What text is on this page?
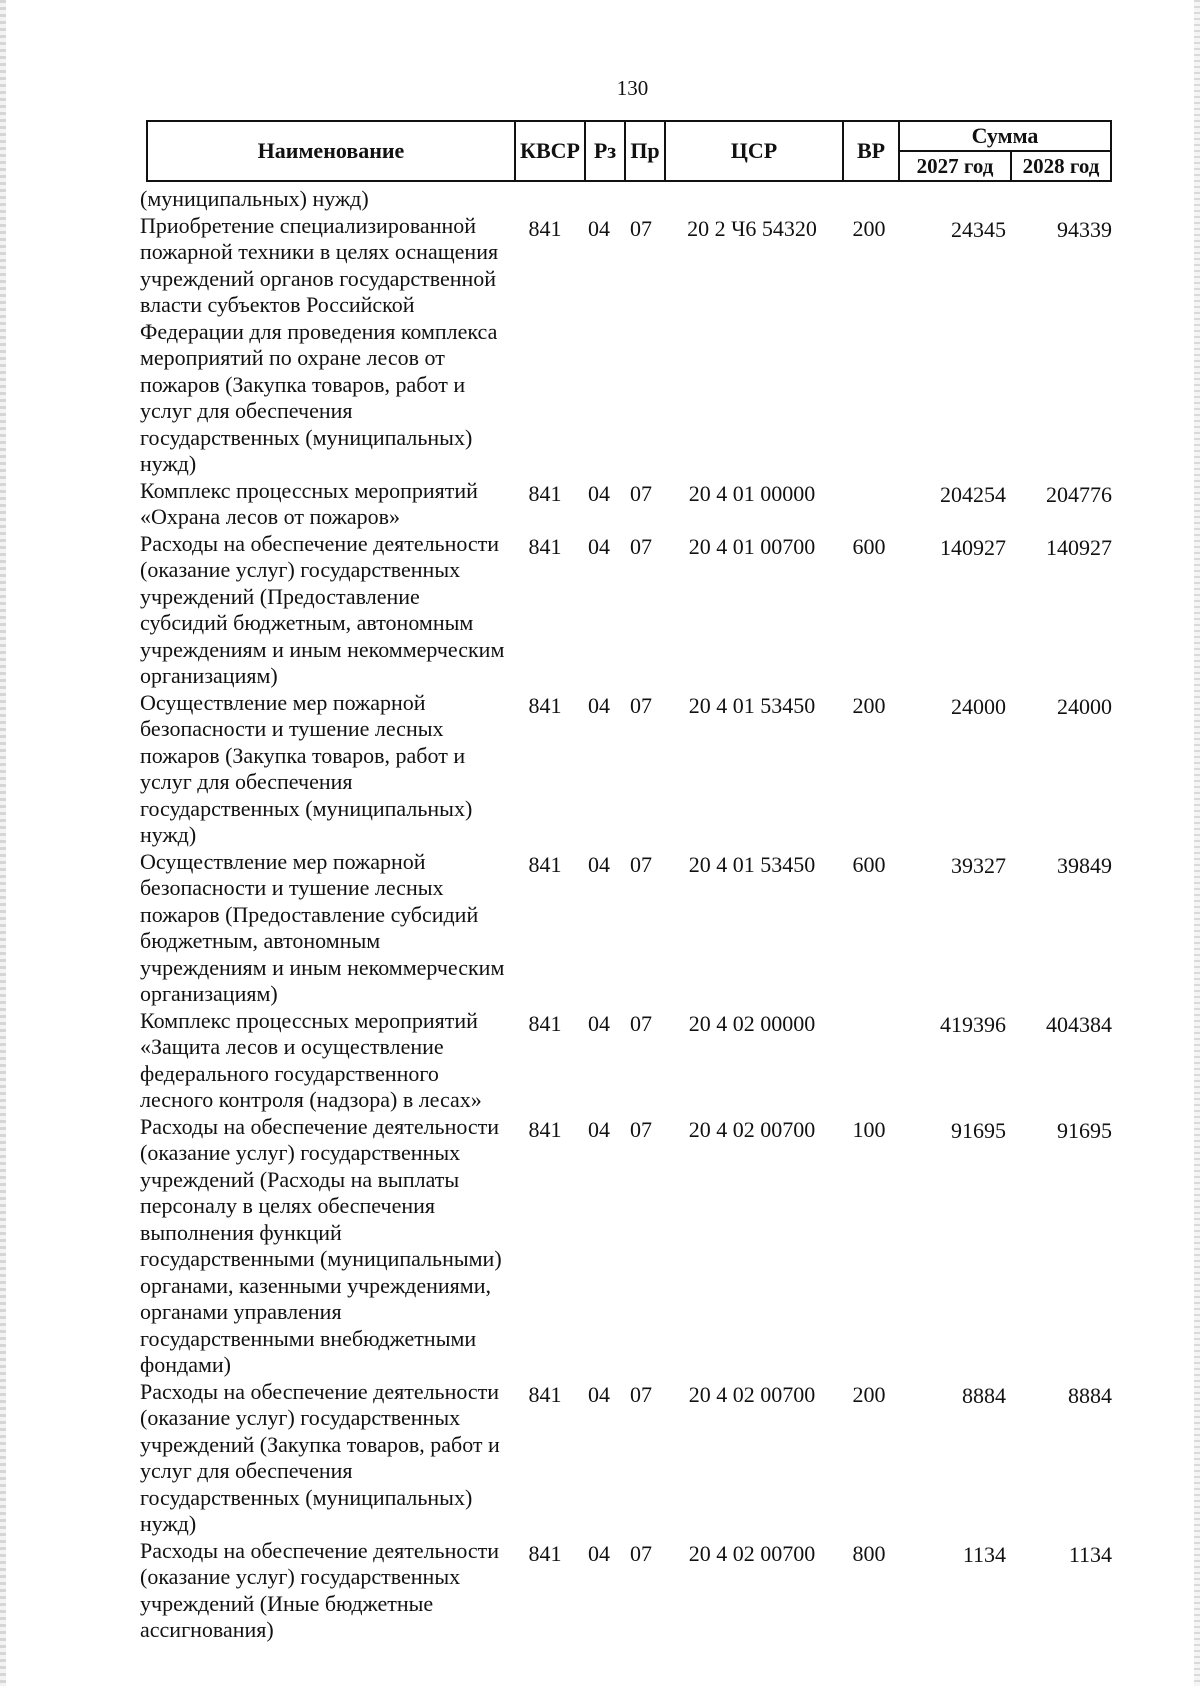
130
Наименование	КВСР	Рз	Пр	ЦСР	ВР	Сумма	
						2027 год	2028 год
(муниципальных) нужд)							
Приобретение специализированной пожарной техники в целях оснащения учреждений органов государственной власти субъектов Российской Федерации для проведения комплекса мероприятий по охране лесов от пожаров (Закупка товаров, работ и услуг для обеспечения государственных (муниципальных) нужд)	841	04	07	20 2 Ч6 54320	200	24345	94339
Комплекс процессных мероприятий «Охрана лесов от пожаров»	841	04	07	20 4 01 00000		204254	204776
Расходы на обеспечение деятельности (оказание услуг) государственных учреждений (Предоставление субсидий бюджетным, автономным учреждениям и иным некоммерческим организациям)	841	04	07	20 4 01 00700	600	140927	140927
Осуществление мер пожарной безопасности и тушение лесных пожаров (Закупка товаров, работ и услуг для обеспечения государственных (муниципальных) нужд)	841	04	07	20 4 01 53450	200	24000	24000
Осуществление мер пожарной безопасности и тушение лесных пожаров (Предоставление субсидий бюджетным, автономным учреждениям и иным некоммерческим организациям)	841	04	07	20 4 01 53450	600	39327	39849
Комплекс процессных мероприятий «Защита лесов и осуществление федерального государственного лесного контроля (надзора) в лесах»	841	04	07	20 4 02 00000		419396	404384
Расходы на обеспечение деятельности (оказание услуг) государственных учреждений (Расходы на выплаты персоналу в целях обеспечения выполнения функций государственными (муниципальными) органами, казенными учреждениями, органами управления государственными внебюджетными фондами)	841	04	07	20 4 02 00700	100	91695	91695
Расходы на обеспечение деятельности (оказание услуг) государственных учреждений (Закупка товаров, работ и услуг для обеспечения государственных (муниципальных) нужд)	841	04	07	20 4 02 00700	200	8884	8884
Расходы на обеспечение деятельности (оказание услуг) государственных учреждений (Иные бюджетные ассигнования)	841	04	07	20 4 02 00700	800	1134	1134
